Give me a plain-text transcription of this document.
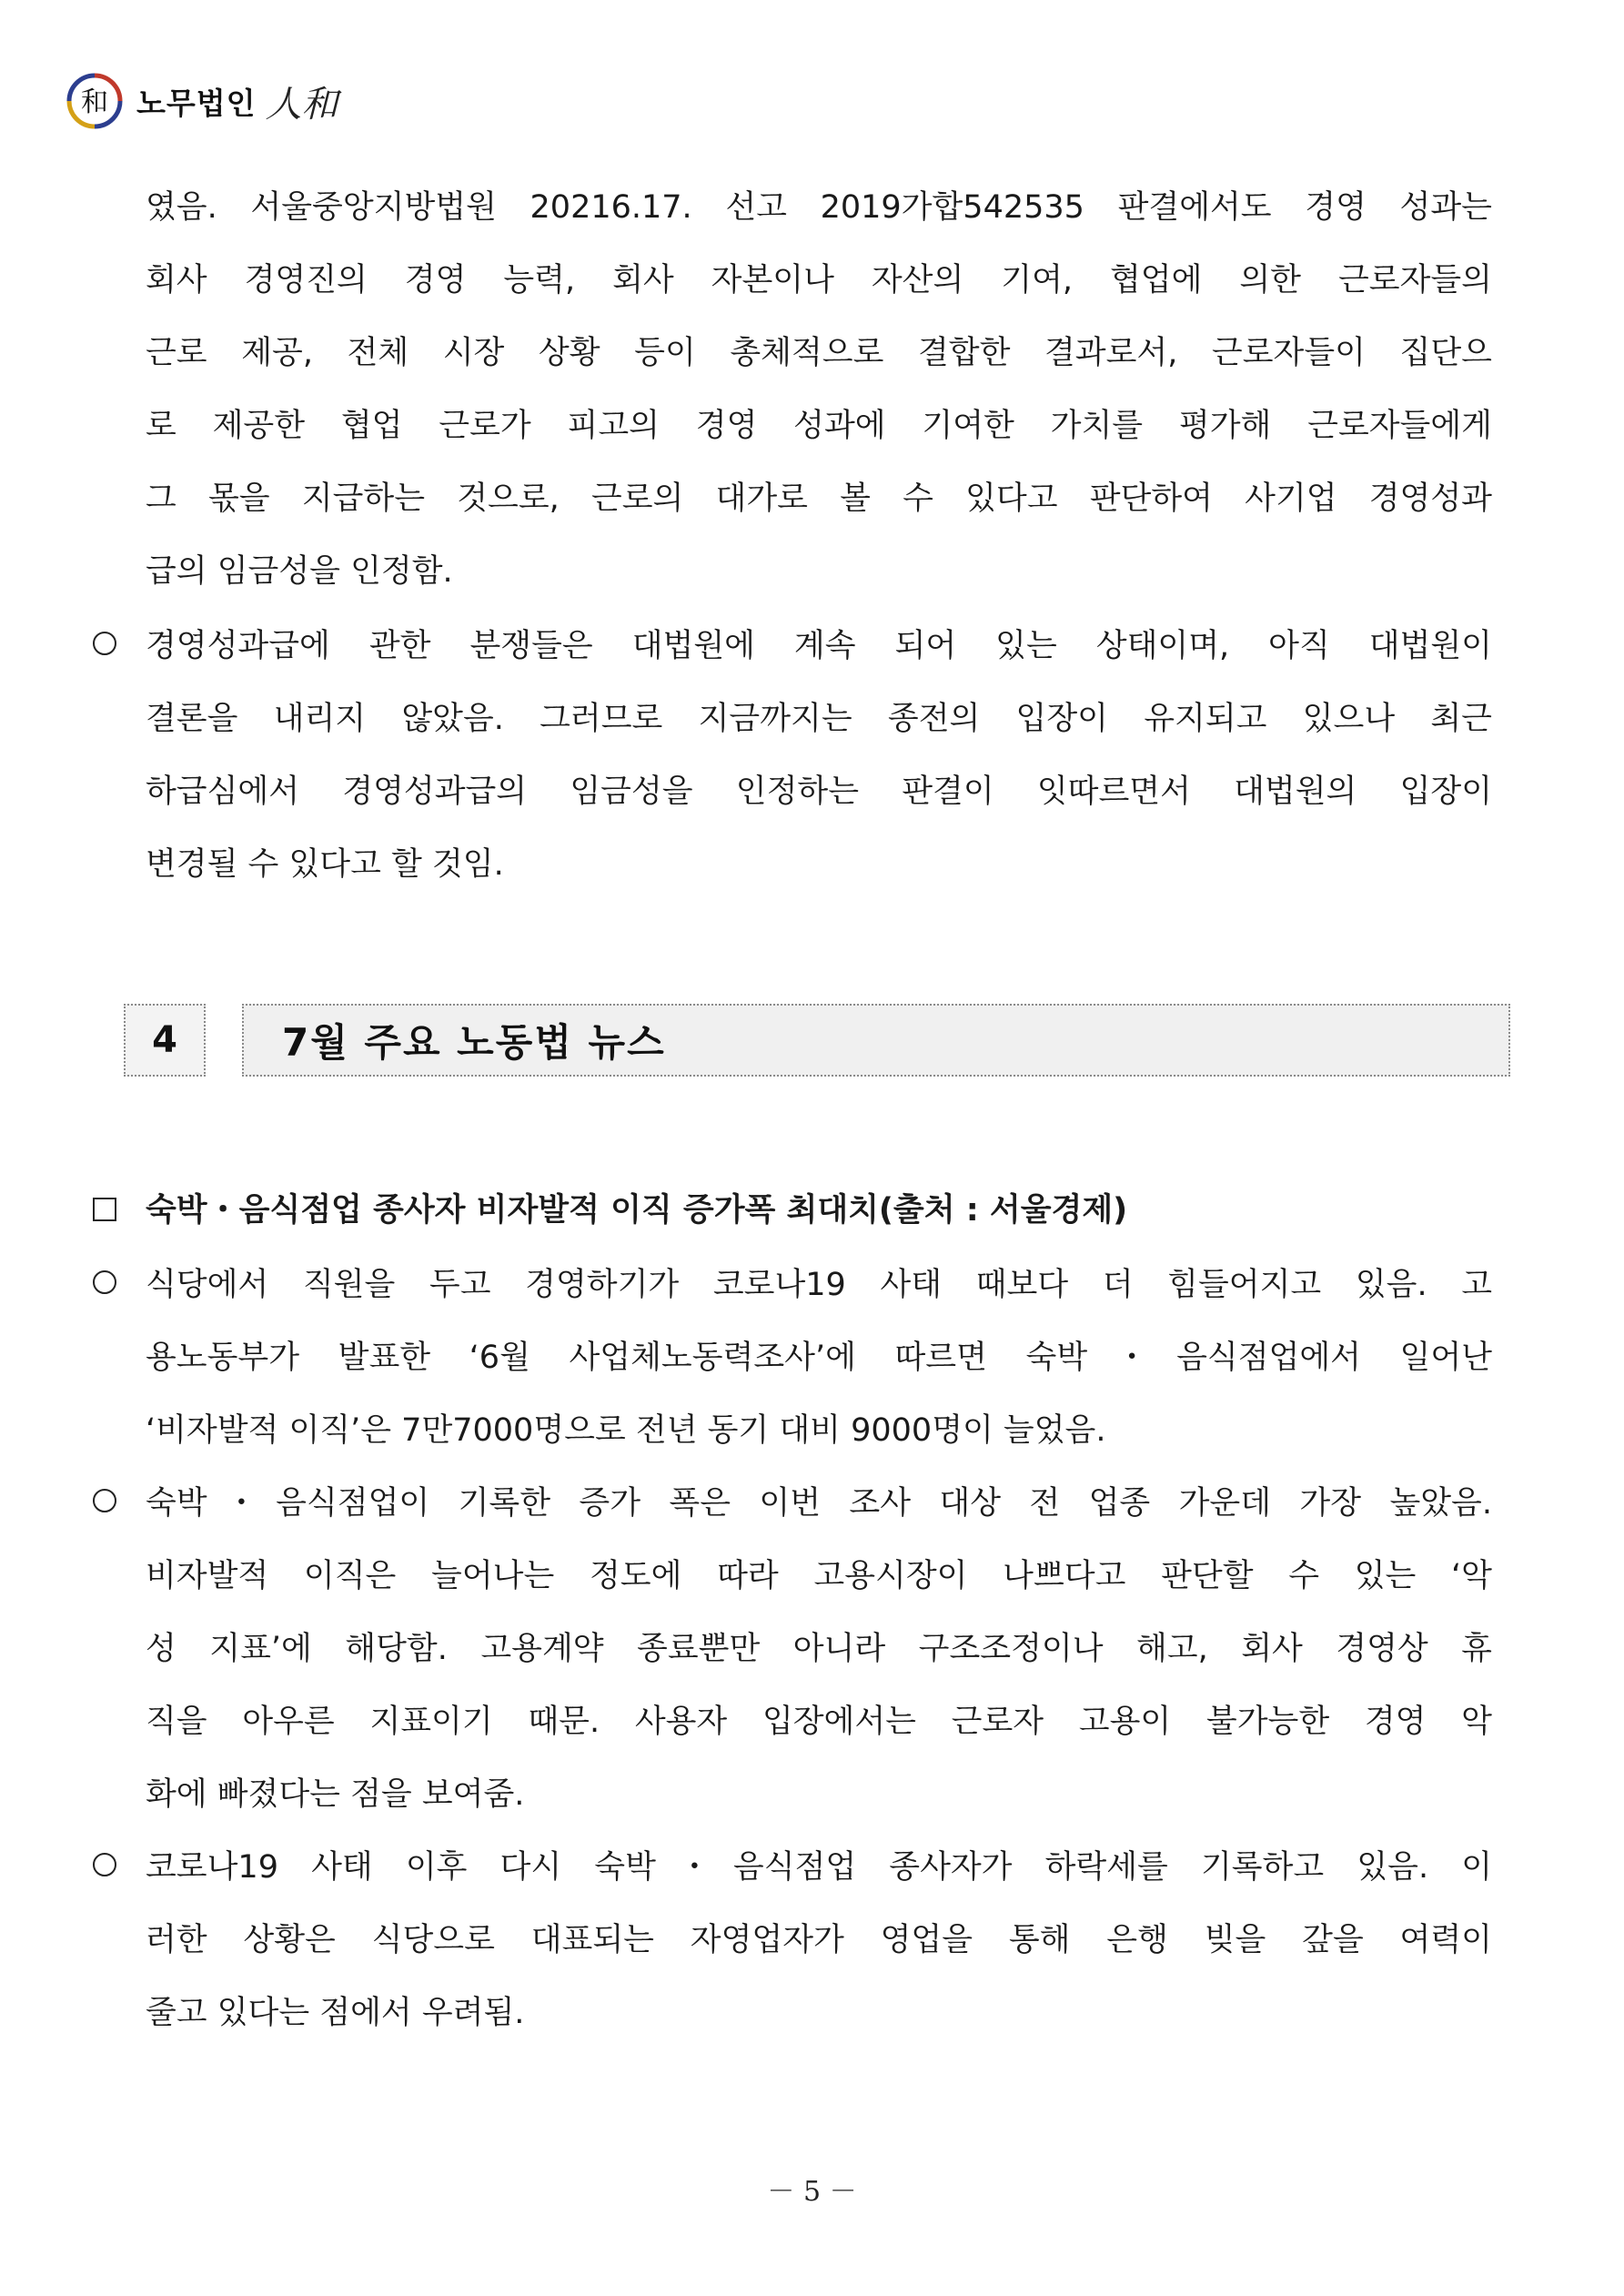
和 노무법인 人和
였음. 서울중앙지방법원 20216.17. 선고 2019가합542535 판결에서도 경영 성과는
회사 경영진의 경영 능력, 회사 자본이나 자산의 기여, 협업에 의한 근로자들의
근로 제공, 전체 시장 상황 등이 총체적으로 결합한 결과로서, 근로자들이 집단으
로 제공한 협업 근로가 피고의 경영 성과에 기여한 가치를 평가해 근로자들에게
그 몫을 지급하는 것으로, 근로의 대가로 볼 수 있다고 판단하여 사기업 경영성과
급의 임금성을 인정함.
경영성과급에 관한 분쟁들은 대법원에 계속 되어 있는 상태이며, 아직 대법원이
결론을 내리지 않았음. 그러므로 지금까지는 종전의 입장이 유지되고 있으나 최근
하급심에서 경영성과급의 임금성을 인정하는 판결이 잇따르면서 대법원의 입장이
변경될 수 있다고 할 것임.
숙박・음식점업 종사자 비자발적 이직 증가폭 최대치(출처 : 서울경제)
식당에서 직원을 두고 경영하기가 코로나19 사태 때보다 더 힘들어지고 있음. 고
용노동부가 발표한 ‘6월 사업체노동력조사’에 따르면 숙박・음식점업에서 일어난
‘비자발적 이직’은 7만7000명으로 전년 동기 대비 9000명이 늘었음.
숙박・음식점업이 기록한 증가 폭은 이번 조사 대상 전 업종 가운데 가장 높았음.
비자발적 이직은 늘어나는 정도에 따라 고용시장이 나쁘다고 판단할 수 있는 ‘악
성 지표’에 해당함. 고용계약 종료뿐만 아니라 구조조정이나 해고, 회사 경영상 휴
직을 아우른 지표이기 때문. 사용자 입장에서는 근로자 고용이 불가능한 경영 악
화에 빠졌다는 점을 보여줌.
코로나19 사태 이후 다시 숙박・음식점업 종사자가 하락세를 기록하고 있음. 이
러한 상황은 식당으로 대표되는 자영업자가 영업을 통해 은행 빚을 갚을 여력이
줄고 있다는 점에서 우려됨.
4	7월 주요 노동법 뉴스
－ 5 －
